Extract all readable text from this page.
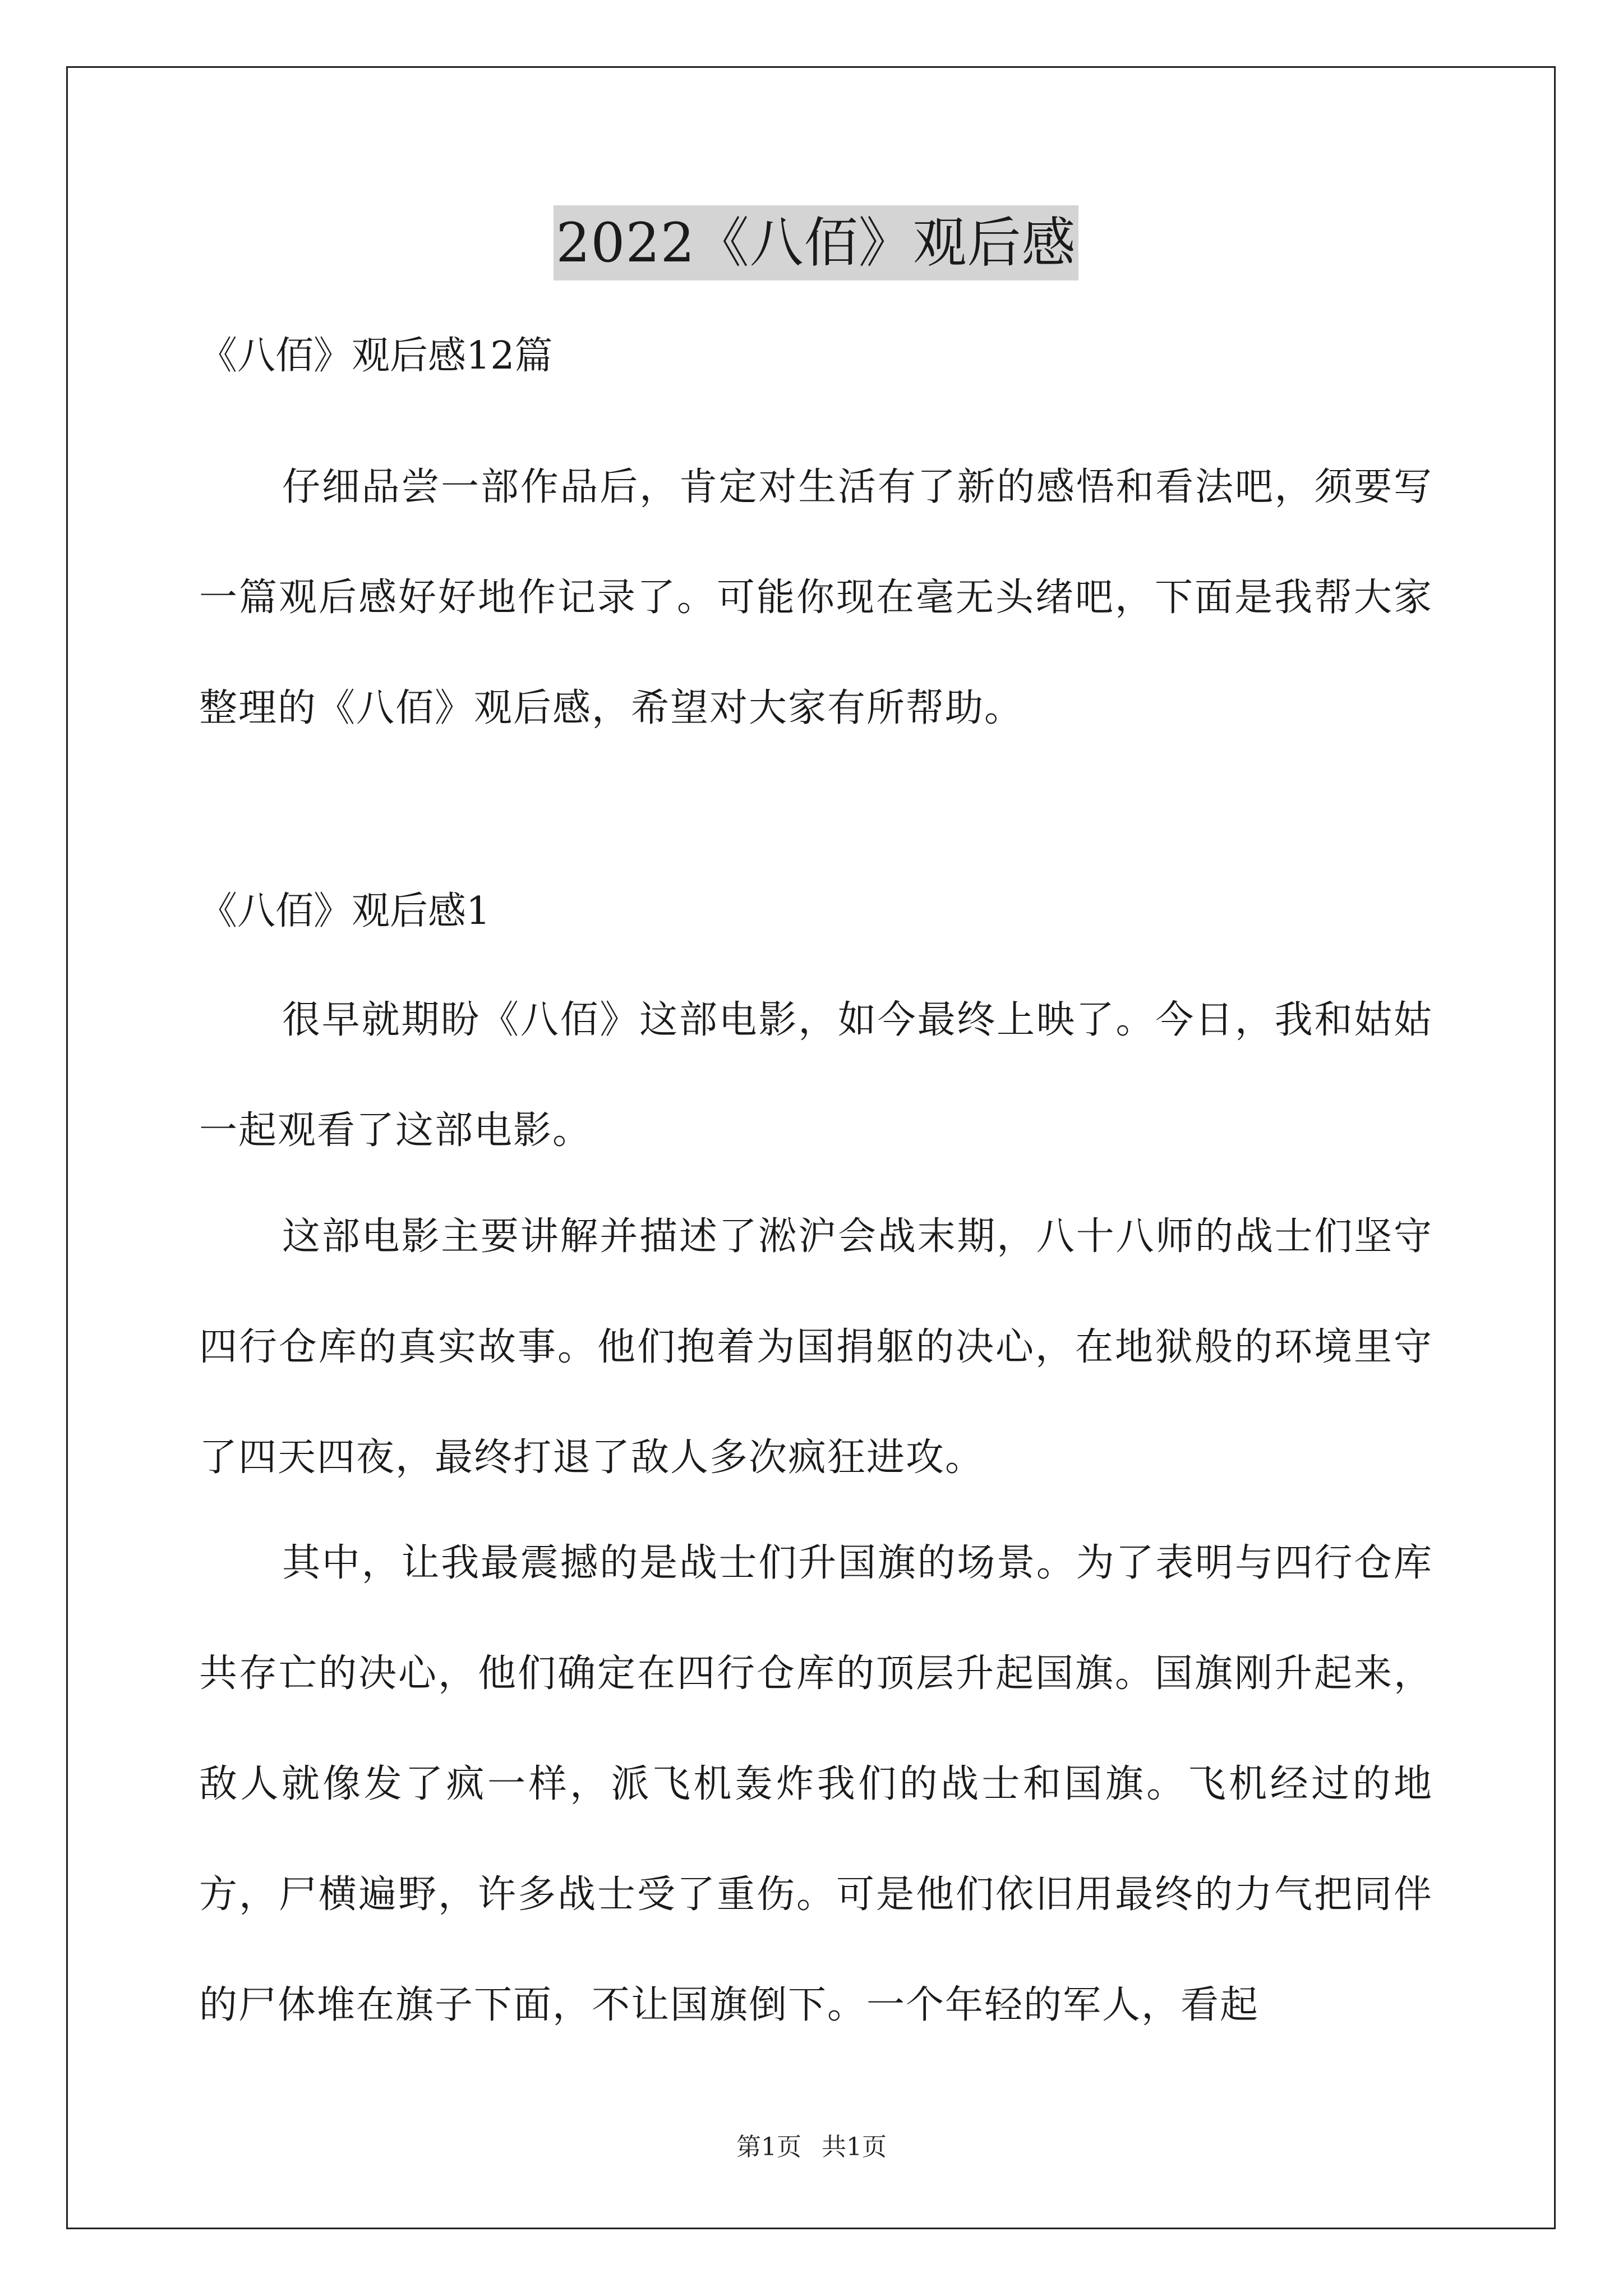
2022《八佰》观后感

《八佰》观后感12篇

仔细品尝一部作品后，肯定对生活有了新的感悟和看法吧，须要写一篇观后感好好地作记录了。可能你现在毫无头绪吧，下面是我帮大家整理的《八佰》观后感，希望对大家有所帮助。

《八佰》观后感1

很早就期盼《八佰》这部电影，如今最终上映了。今日，我和姑姑一起观看了这部电影。

这部电影主要讲解并描述了淞沪会战末期，八十八师的战士们坚守四行仓库的真实故事。他们抱着为国捐躯的决心，在地狱般的环境里守了四天四夜，最终打退了敌人多次疯狂进攻。

其中，让我最震撼的是战士们升国旗的场景。为了表明与四行仓库共存亡的决心，他们确定在四行仓库的顶层升起国旗。国旗刚升起来，敌人就像发了疯一样，派飞机轰炸我们的战士和国旗。飞机经过的地方，尸横遍野，许多战士受了重伤。可是他们依旧用最终的力气把同伴的尸体堆在旗子下面，不让国旗倒下。一个年轻的军人，看起

第1页 共1页
